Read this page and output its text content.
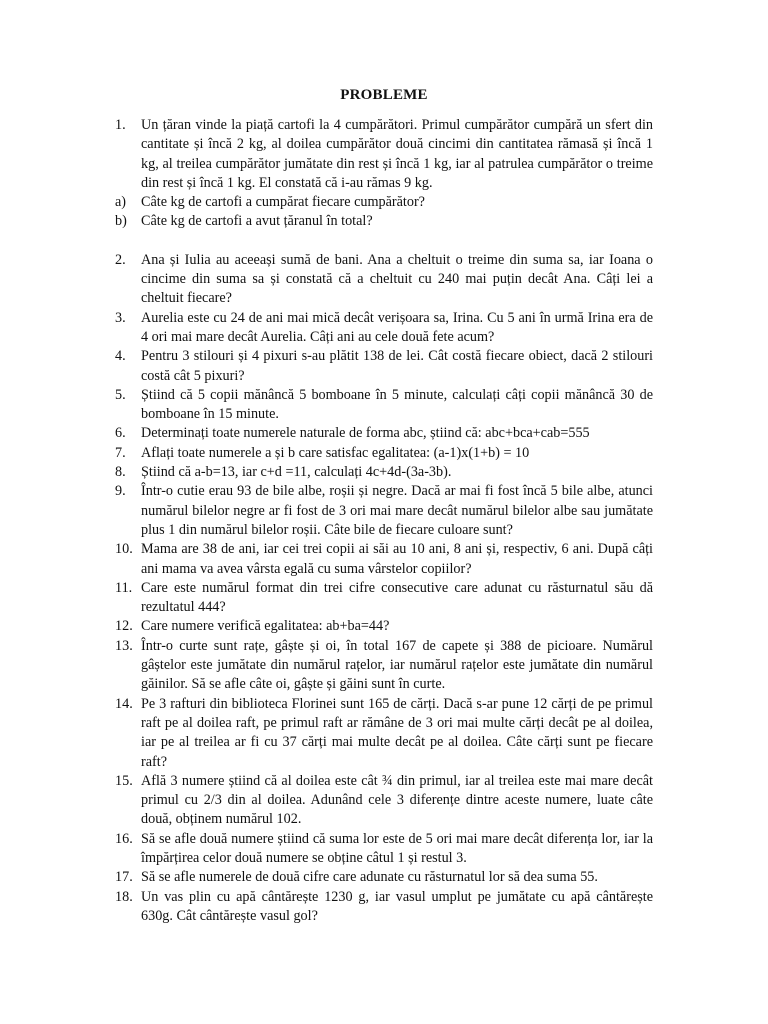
PROBLEME
1.	Un țăran vinde la piață cartofi la 4 cumpărători. Primul cumpărător cumpără un sfert din cantitate și încă 2 kg, al doilea cumpărător două cincimi din cantitatea rămasă și încă 1 kg, al treilea cumpărător jumătate din rest și încă 1 kg, iar al patrulea cumpărător o treime din rest și încă 1 kg. El constată că i-au rămas 9 kg.
a)	Câte kg de cartofi a cumpărat fiecare cumpărător?
b) Câte kg de cartofi a avut țăranul în total?
2.	Ana și Iulia au aceeași sumă de bani. Ana a cheltuit o treime din suma sa, iar Ioana o cincime din suma sa și constată că a cheltuit cu 240 mai puțin decât Ana. Câți lei a cheltuit fiecare?
3.	Aurelia este cu 24 de ani mai mică decât verișoara sa, Irina. Cu 5 ani în urmă Irina era de 4 ori mai mare decât Aurelia. Câți ani au cele două fete acum?
4.	Pentru 3 stilouri și 4 pixuri s-au plătit 138 de lei. Cât costă fiecare obiect, dacă 2 stilouri costă cât 5 pixuri?
5.	Știind că 5 copii mănâncă 5 bomboane în 5 minute, calculați câți copii mănâncă 30 de bomboane în 15 minute.
6.	Determinați toate numerele naturale de forma abc, știind că: abc+bca+cab=555
7.	Aflați toate numerele a și b care satisfac egalitatea: (a-1)x(1+b) = 10
8.	Știind că a-b=13, iar c+d =11, calculați 4c+4d-(3a-3b).
9.	Într-o cutie erau 93 de bile albe, roșii și negre. Dacă ar mai fi fost încă 5 bile albe, atunci numărul bilelor negre ar fi fost de 3 ori mai mare decât numărul bilelor albe sau jumătate plus 1 din numărul bilelor roșii. Câte bile de fiecare culoare sunt?
10. Mama are 38 de ani, iar cei trei copii ai săi au 10 ani, 8 ani și, respectiv, 6 ani. După câți ani mama va avea vârsta egală cu suma vârstelor copiilor?
11. Care este numărul format din trei cifre consecutive care adunat cu răsturnatul său dă rezultatul 444?
12. Care numere verifică egalitatea: ab+ba=44?
13. Într-o curte sunt rațe, gâște și oi, în total 167 de capete și 388 de picioare. Numărul gâștelor este jumătate din numărul rațelor, iar numărul rațelor este jumătate din numărul găinilor. Să se afle câte oi, gâște și găini sunt în curte.
14. Pe 3 rafturi din biblioteca Florinei sunt 165 de cărți. Dacă s-ar pune 12 cărți de pe primul raft pe al doilea raft, pe primul raft ar rămâne de 3 ori mai multe cărți decât pe al doilea, iar pe al treilea ar fi cu 37 cărți mai multe decât pe al doilea. Câte cărți sunt pe fiecare raft?
15. Află 3 numere știind că al doilea este cât ¾ din primul, iar al treilea este mai mare decât primul cu 2/3 din al doilea. Adunând cele 3 diferențe dintre aceste numere, luate câte două, obținem numărul 102.
16. Să se afle două numere știind că suma lor este de 5 ori mai mare decât diferența lor, iar la împărțirea celor două numere se obține câtul 1 și restul 3.
17. Să se afle numerele de două cifre care adunate cu răsturnatul lor să dea suma 55.
18. Un vas plin cu apă cântărește 1230 g, iar vasul umplut pe jumătate cu apă cântărește 630g. Cât cântărește vasul gol?
